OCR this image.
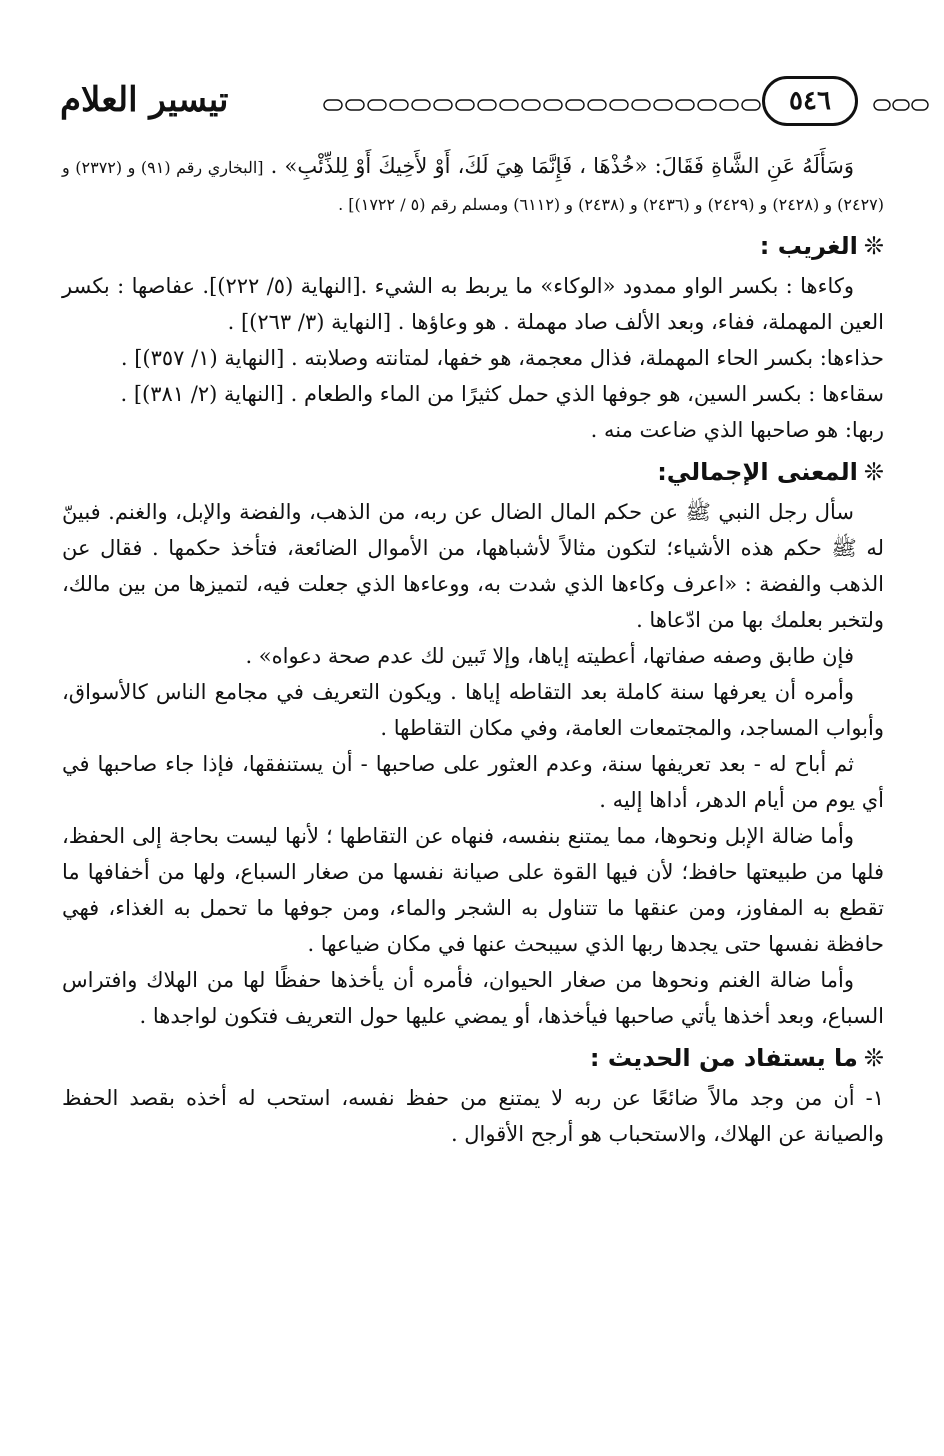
تيسير العلام	٥٤٦

وَسَأَلَهُ عَنِ الشَّاةِ فَقَالَ: «خُذْهَا ، فَإِنَّمَا هِيَ لَكَ، أَوْ لأَخِيكَ أَوْ لِلذِّئْبِ» . [البخاري رقم (٩١) و (٢٣٧٢) و (٢٤٢٧) و (٢٤٢٨) و (٢٤٢٩) و (٢٤٣٦) و (٢٤٣٨) و (٦١١٢) ومسلم رقم (٥ / ١٧٢٢)] .

❊الغريب :

وكاءها : بكسر الواو ممدود «الوكاء» ما يربط به الشيء .[النهاية (٥/ ٢٢٢)]. عفاصها : بكسر العين المهملة، ففاء، وبعد الألف صاد مهملة . هو وعاؤها . [النهاية (٣/ ٢٦٣)] .

حذاءها: بكسر الحاء المهملة، فذال معجمة، هو خفها، لمتانته وصلابته . [النهاية (١/ ٣٥٧)] .

سقاءها : بكسر السين، هو جوفها الذي حمل كثيرًا من الماء والطعام . [النهاية (٢/ ٣٨١)] .

ربها: هو صاحبها الذي ضاعت منه .

❊المعنى الإجمالي:

سأل رجل النبي ﷺ عن حكم المال الضال عن ربه، من الذهب، والفضة والإبل، والغنم. فبينّ له ﷺ حكم هذه الأشياء؛ لتكون مثالاً لأشباهها، من الأموال الضائعة، فتأخذ حكمها . فقال عن الذهب والفضة : «اعرف وكاءها الذي شدت به، ووعاءها الذي جعلت فيه، لتميزها من بين مالك، ولتخبر بعلمك بها من ادّعاها .

فإن طابق وصفه صفاتها، أعطيته إياها، وإلا تَبين لك عدم صحة دعواه» .

وأمره أن يعرفها سنة كاملة بعد التقاطه إياها . ويكون التعريف في مجامع الناس كالأسواق، وأبواب المساجد، والمجتمعات العامة، وفي مكان التقاطها .

ثم أباح له - بعد تعريفها سنة، وعدم العثور على صاحبها - أن يستنفقها، فإذا جاء صاحبها في أي يوم من أيام الدهر، أداها إليه .

وأما ضالة الإبل ونحوها، مما يمتنع بنفسه، فنهاه عن التقاطها ؛ لأنها ليست بحاجة إلى الحفظ، فلها من طبيعتها حافظ؛ لأن فيها القوة على صيانة نفسها من صغار السباع، ولها من أخفافها ما تقطع به المفاوز، ومن عنقها ما تتناول به الشجر والماء، ومن جوفها ما تحمل به الغذاء، فهي حافظة نفسها حتى يجدها ربها الذي سيبحث عنها في مكان ضياعها .

وأما ضالة الغنم ونحوها من صغار الحيوان، فأمره أن يأخذها حفظًا لها من الهلاك وافتراس السباع، وبعد أخذها يأتي صاحبها فيأخذها، أو يمضي عليها حول التعريف فتكون لواجدها .

❊ما يستفاد من الحديث :

١- أن من وجد مالاً ضائعًا عن ربه لا يمتنع من حفظ نفسه، استحب له أخذه بقصد الحفظ والصيانة عن الهلاك، والاستحباب هو أرجح الأقوال .
